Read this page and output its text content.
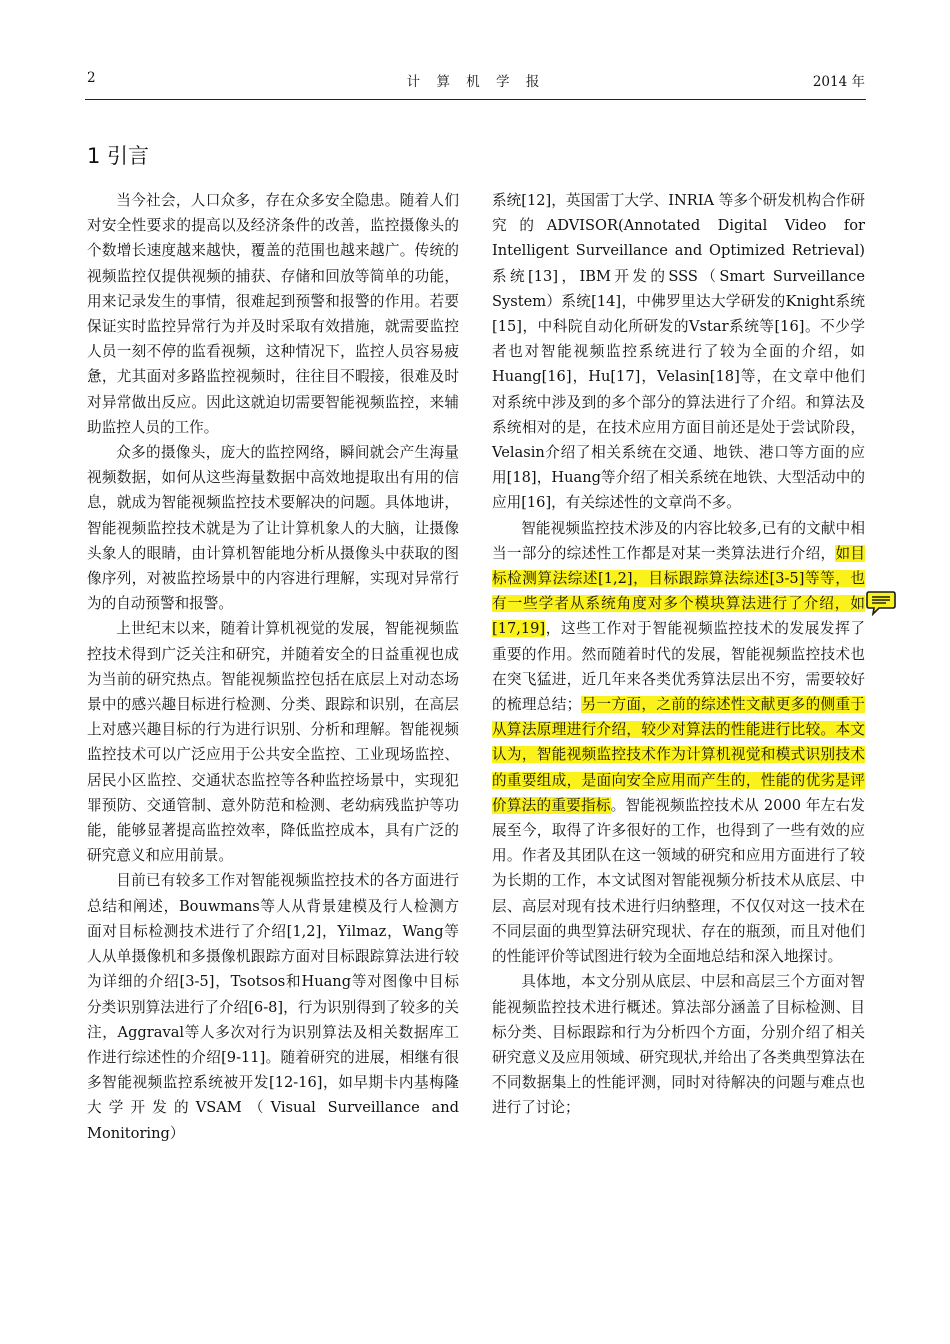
2	计 算 机 学 报	2014 年
1 引言

当今社会，人口众多，存在众多安全隐患。随着人们对安全性要求的提高以及经济条件的改善，监控摄像头的个数增长速度越来越快，覆盖的范围也越来越广。传统的视频监控仅提供视频的捕获、存储和回放等简单的功能，用来记录发生的事情，很难起到预警和报警的作用。若要保证实时监控异常行为并及时采取有效措施，就需要监控人员一刻不停的监看视频，这种情况下，监控人员容易疲惫，尤其面对多路监控视频时，往往目不暇接，很难及时对异常做出反应。因此这就迫切需要智能视频监控，来辅助监控人员的工作。

众多的摄像头，庞大的监控网络，瞬间就会产生海量视频数据，如何从这些海量数据中高效地提取出有用的信息，就成为智能视频监控技术要解决的问题。具体地讲，智能视频监控技术就是为了让计算机象人的大脑，让摄像头象人的眼睛，由计算机智能地分析从摄像头中获取的图像序列，对被监控场景中的内容进行理解，实现对异常行为的自动预警和报警。

上世纪末以来，随着计算机视觉的发展，智能视频监控技术得到广泛关注和研究，并随着安全的日益重视也成为当前的研究热点。智能视频监控包括在底层上对动态场景中的感兴趣目标进行检测、分类、跟踪和识别，在高层上对感兴趣目标的行为进行识别、分析和理解。智能视频监控技术可以广泛应用于公共安全监控、工业现场监控、居民小区监控、交通状态监控等各种监控场景中，实现犯罪预防、交通管制、意外防范和检测、老幼病残监护等功能，能够显著提高监控效率，降低监控成本，具有广泛的研究意义和应用前景。

目前已有较多工作对智能视频监控技术的各方面进行总结和阐述，Bouwmans等人从背景建模及行人检测方面对目标检测技术进行了介绍[1,2]，Yilmaz，Wang等人从单摄像机和多摄像机跟踪方面对目标跟踪算法进行较为详细的介绍[3-5]，Tsotsos和Huang等对图像中目标分类识别算法进行了介绍[6-8]，行为识别得到了较多的关注，Aggraval等人多次对行为识别算法及相关数据库工作进行综述性的介绍[9-11]。随着研究的进展，相继有很多智能视频监控系统被开发[12-16]，如早期卡内基梅隆大学开发的VSAM（Visual Surveillance and Monitoring）

系统[12]，英国雷丁大学、INRIA 等多个研发机构合作研究的ADVISOR(Annotated Digital Video for Intelligent Surveillance and Optimized Retrieval)系统[13]，IBM开发的SSS（Smart Surveillance System）系统[14]，中佛罗里达大学研发的Knight系统[15]，中科院自动化所研发的Vstar系统等[16]。不少学者也对智能视频监控系统进行了较为全面的介绍，如Huang[16]，Hu[17]，Velasin[18]等，在文章中他们对系统中涉及到的多个部分的算法进行了介绍。和算法及系统相对的是，在技术应用方面目前还是处于尝试阶段，Velasin介绍了相关系统在交通、地铁、港口等方面的应用[18]，Huang等介绍了相关系统在地铁、大型活动中的应用[16]，有关综述性的文章尚不多。

智能视频监控技术涉及的内容比较多,已有的文献中相当一部分的综述性工作都是对某一类算法进行介绍，如目标检测算法综述[1,2]，目标跟踪算法综述[3-5]等等，也有一些学者从系统角度对多个模块算法进行了介绍，如[17,19]，这些工作对于智能视频监控技术的发展发挥了重要的作用。然而随着时代的发展，智能视频监控技术也在突飞猛进，近几年来各类优秀算法层出不穷，需要较好的梳理总结；另一方面，之前的综述性文献更多的侧重于从算法原理进行介绍，较少对算法的性能进行比较。本文认为，智能视频监控技术作为计算机视觉和模式识别技术的重要组成，是面向安全应用而产生的，性能的优劣是评价算法的重要指标。智能视频监控技术从 2000 年左右发展至今，取得了许多很好的工作，也得到了一些有效的应用。作者及其团队在这一领域的研究和应用方面进行了较为长期的工作，本文试图对智能视频分析技术从底层、中层、高层对现有技术进行归纳整理，不仅仅对这一技术在不同层面的典型算法研究现状、存在的瓶颈，而且对他们的性能评价等试图进行较为全面地总结和深入地探讨。

具体地，本文分别从底层、中层和高层三个方面对智能视频监控技术进行概述。算法部分涵盖了目标检测、目标分类、目标跟踪和行为分析四个方面，分别介绍了相关研究意义及应用领域、研究现状,并给出了各类典型算法在不同数据集上的性能评测，同时对待解决的问题与难点也进行了讨论；
